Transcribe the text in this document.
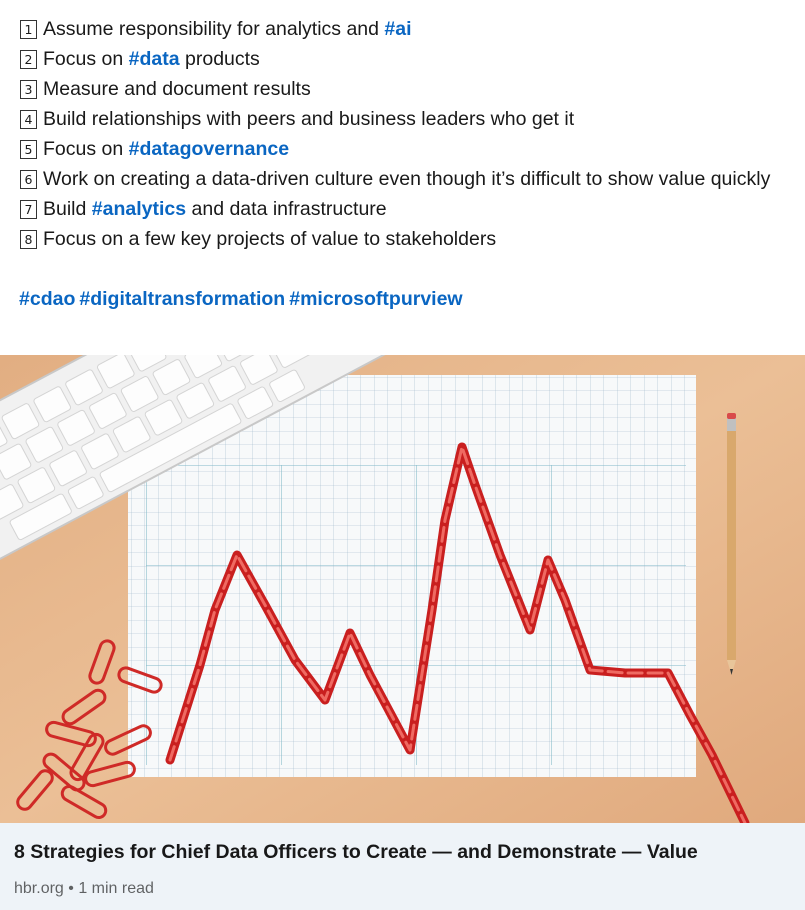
1 Assume responsibility for analytics and #ai
2 Focus on #data products
3 Measure and document results
4 Build relationships with peers and business leaders who get it
5 Focus on #datagovernance
6 Work on creating a data-driven culture even though it’s difficult to show value quickly
7 Build #analytics and data infrastructure
8 Focus on a few key projects of value to stakeholders
#cdao #digitaltransformation #microsoftpurview
8 Strategies for Chief Data Officers to Create — and Demonstrate — Value
hbr.org • 1 min read
